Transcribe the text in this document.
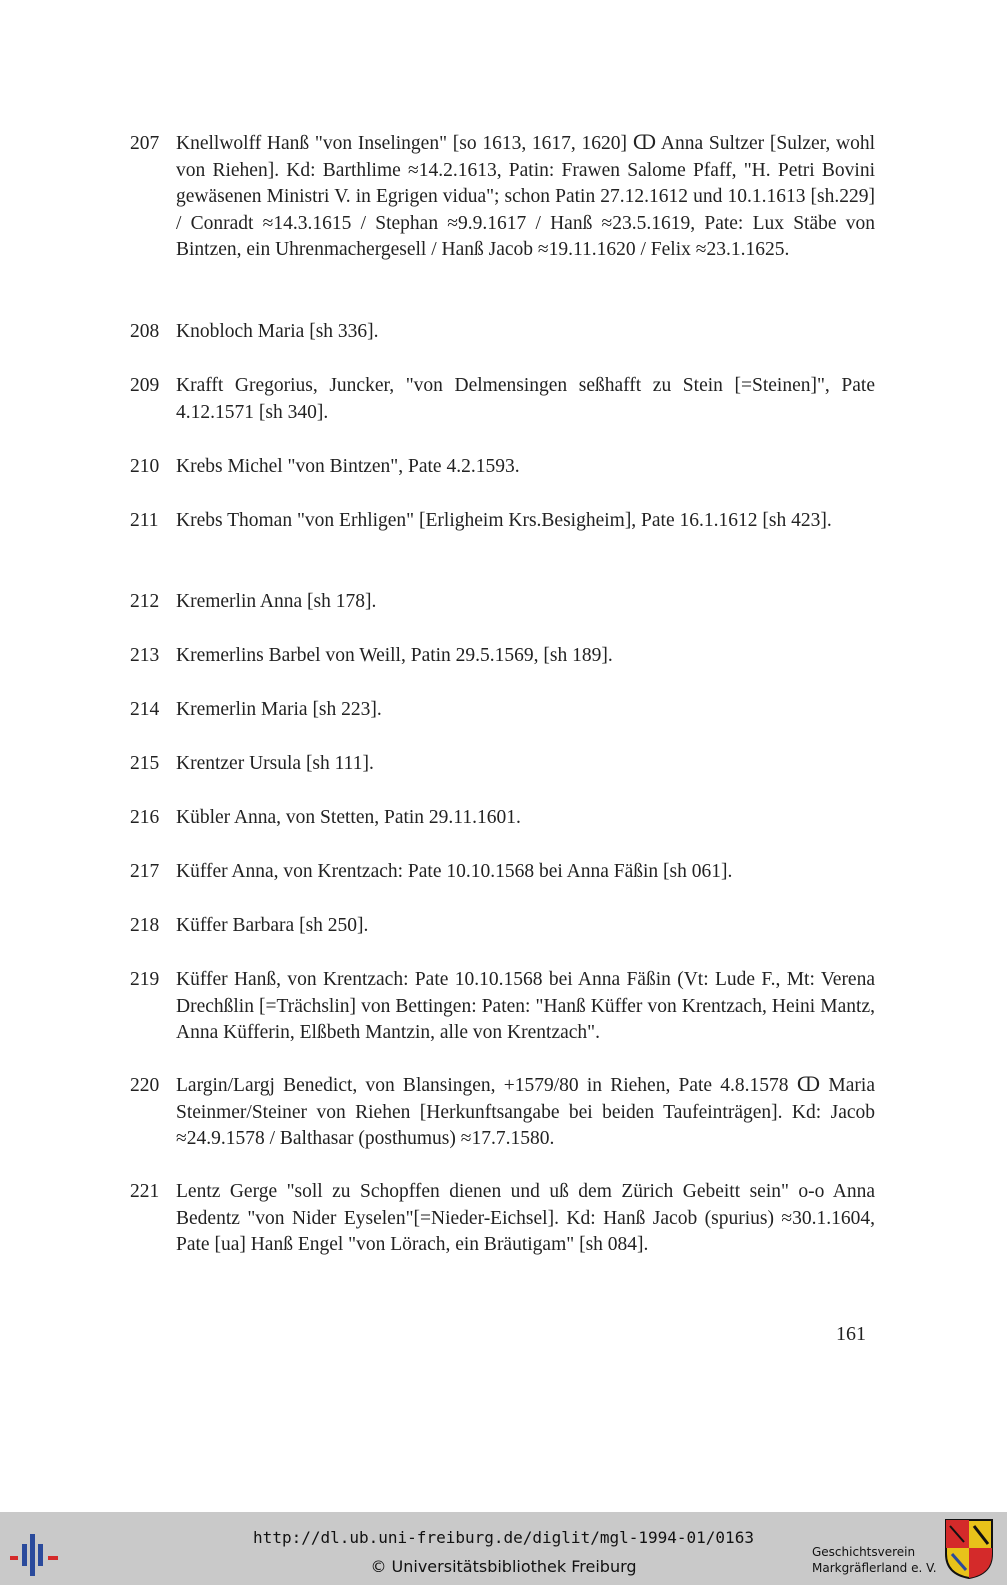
207 Knellwolff Hanß "von Inselingen" [so 1613, 1617, 1620] ↀ Anna Sultzer [Sulzer, wohl von Riehen]. Kd: Barthlime ≈14.2.1613, Patin: Frawen Salome Pfaff, "H. Petri Bovini gewäsenen Ministri V. in Egrigen vidua"; schon Patin 27.12.1612 und 10.1.1613 [sh.229] / Conradt ≈14.3.1615 / Stephan ≈9.9.1617 / Hanß ≈23.5.1619, Pate: Lux Stäbe von Bintzen, ein Uhrenmachergesell / Hanß Jacob ≈19.11.1620 / Felix ≈23.1.1625.
208 Knobloch Maria [sh 336].
209 Krafft Gregorius, Juncker, "von Delmensingen seßhafft zu Stein [=Steinen]", Pate 4.12.1571 [sh 340].
210 Krebs Michel "von Bintzen", Pate 4.2.1593.
211 Krebs Thoman "von Erhligen" [Erligheim Krs.Besigheim], Pate 16.1.1612 [sh 423].
212 Kremerlin Anna [sh 178].
213 Kremerlins Barbel von Weill, Patin 29.5.1569, [sh 189].
214 Kremerlin Maria [sh 223].
215 Krentzer Ursula [sh 111].
216 Kübler Anna, von Stetten, Patin 29.11.1601.
217 Küffer Anna, von Krentzach: Pate 10.10.1568 bei Anna Fäßin [sh 061].
218 Küffer Barbara [sh 250].
219 Küffer Hanß, von Krentzach: Pate 10.10.1568 bei Anna Fäßin (Vt: Lude F., Mt: Verena Drechßlin [=Trächslin] von Bettingen: Paten: "Hanß Küffer von Krentzach, Heini Mantz, Anna Küfferin, Elßbeth Mantzin, alle von Krentzach".
220 Largin/Largj Benedict, von Blansingen, +1579/80 in Riehen, Pate 4.8.1578 ↀ Maria Steinmer/Steiner von Riehen [Herkunftsangabe bei beiden Taufeinträgen]. Kd: Jacob ≈24.9.1578 / Balthasar (posthumus) ≈17.7.1580.
221 Lentz Gerge "soll zu Schopffen dienen und uß dem Zürich Gebeitt sein" o-o Anna Bedentz "von Nider Eyselen"[=Nieder-Eichsel]. Kd: Hanß Jacob (spurius) ≈30.1.1604, Pate [ua] Hanß Engel "von Lörach, ein Bräutigam" [sh 084].
161
http://dl.ub.uni-freiburg.de/diglit/mgl-1994-01/0163
© Universitätsbibliothek Freiburg
Geschichtsverein
Markgräflerland e. V.
